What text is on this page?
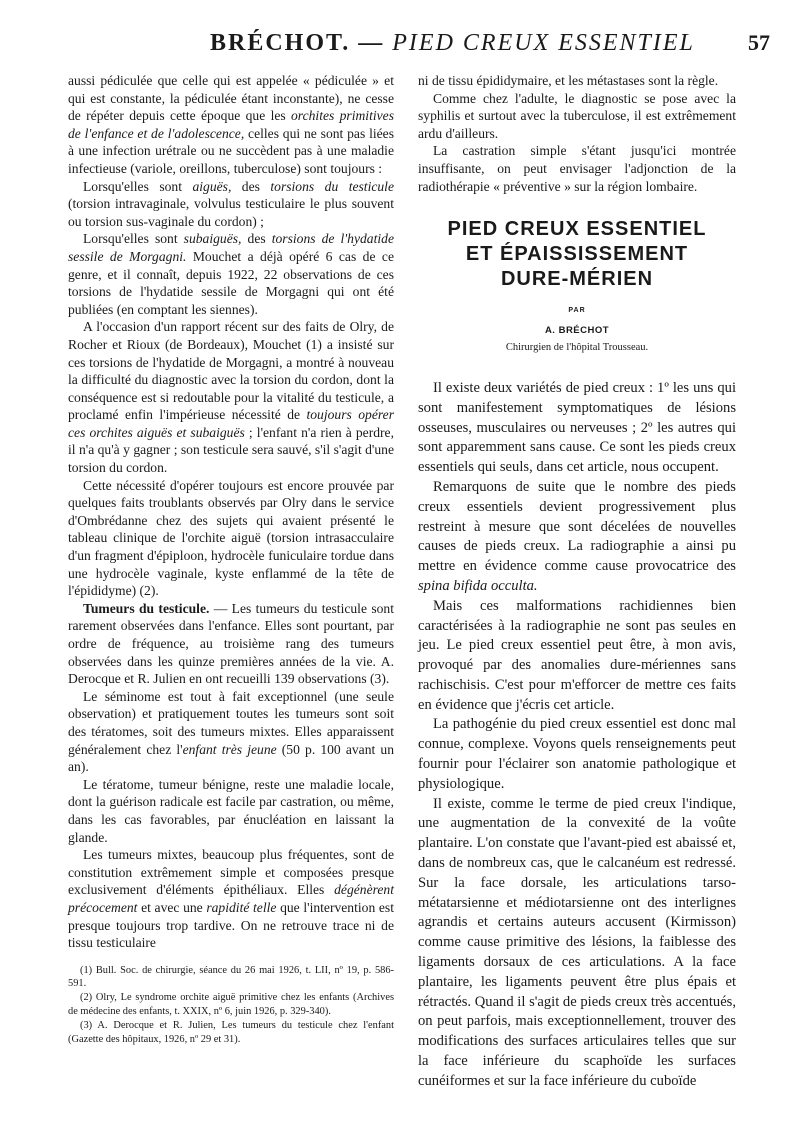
BRÉCHOT. — PIED CREUX ESSENTIEL 57

aussi pédiculée que celle qui est appelée « pédiculée » et qui est constante, la pédiculée étant inconstante), ne cesse de répéter depuis cette époque que les orchites primitives de l'enfance et de l'adolescence, celles qui ne sont pas liées à une infection urétrale ou ne succèdent pas à une maladie infectieuse (variole, oreillons, tuberculose) sont toujours :

Lorsqu'elles sont aiguës, des torsions du testicule (torsion intravaginale, volvulus testiculaire le plus souvent ou torsion sus-vaginale du cordon) ;

Lorsqu'elles sont subaiguës, des torsions de l'hydatide sessile de Morgagni. Mouchet a déjà opéré 6 cas de ce genre, et il connaît, depuis 1922, 22 observations de ces torsions de l'hydatide sessile de Morgagni qui ont été publiées (en comptant les siennes).

A l'occasion d'un rapport récent sur des faits de Olry, de Rocher et Rioux (de Bordeaux), Mouchet (1) a insisté sur ces torsions de l'hydatide de Morgagni, a montré à nouveau la difficulté du diagnostic avec la torsion du cordon, dont la conséquence est si redoutable pour la vitalité du testicule, a proclamé enfin l'impérieuse nécessité de toujours opérer ces orchites aiguës et subaiguës ; l'enfant n'a rien à perdre, il n'a qu'à y gagner ; son testicule sera sauvé, s'il s'agit d'une torsion du cordon.

Cette nécessité d'opérer toujours est encore prouvée par quelques faits troublants observés par Olry dans le service d'Ombrédanne chez des sujets qui avaient présenté le tableau clinique de l'orchite aiguë (torsion intrasacculaire d'un fragment d'épiploon, hydrocèle funiculaire tordue dans une hydrocèle vaginale, kyste enflammé de la tête de l'épididyme) (2).

Tumeurs du testicule. — Les tumeurs du testicule sont rarement observées dans l'enfance. Elles sont pourtant, par ordre de fréquence, au troisième rang des tumeurs observées dans les quinze premières années de la vie. A. Derocque et R. Julien en ont recueilli 139 observations (3).

Le séminome est tout à fait exceptionnel (une seule observation) et pratiquement toutes les tumeurs sont soit des tératomes, soit des tumeurs mixtes. Elles apparaissent généralement chez l'enfant très jeune (50 p. 100 avant un an).

Le tératome, tumeur bénigne, reste une maladie locale, dont la guérison radicale est facile par castration, ou même, dans les cas favorables, par énucléation en laissant la glande.

Les tumeurs mixtes, beaucoup plus fréquentes, sont de constitution extrêmement simple et composées presque exclusivement d'éléments épithéliaux. Elles dégénèrent précocement et avec une rapidité telle que l'intervention est presque toujours trop tardive. On ne retrouve trace ni de tissu testiculaire

(1) Bull. Soc. de chirurgie, séance du 26 mai 1926, t. LII, nº 19, p. 586-591.

(2) Olry, Le syndrome orchite aiguë primitive chez les enfants (Archives de médecine des enfants, t. XXIX, nº 6, juin 1926, p. 329-340).

(3) A. Derocque et R. Julien, Les tumeurs du testicule chez l'enfant (Gazette des hôpitaux, 1926, nº 29 et 31).

ni de tissu épididymaire, et les métastases sont la règle.

Comme chez l'adulte, le diagnostic se pose avec la syphilis et surtout avec la tuberculose, il est extrêmement ardu d'ailleurs.

La castration simple s'étant jusqu'ici montrée insuffisante, on peut envisager l'adjonction de la radiothérapie « préventive » sur la région lombaire.

PIED CREUX ESSENTIEL
ET ÉPAISSISSEMENT
DURE-MÉRIEN
PAR
A. BRÉCHOT
Chirurgien de l'hôpital Trousseau.

Il existe deux variétés de pied creux : 1º les uns qui sont manifestement symptomatiques de lésions osseuses, musculaires ou nerveuses ; 2º les autres qui sont apparemment sans cause. Ce sont les pieds creux essentiels qui seuls, dans cet article, nous occupent.

Remarquons de suite que le nombre des pieds creux essentiels devient progressivement plus restreint à mesure que sont décelées de nouvelles causes de pieds creux. La radiographie a ainsi pu mettre en évidence comme cause provocatrice des spina bifida occulta.

Mais ces malformations rachidiennes bien caractérisées à la radiographie ne sont pas seules en jeu. Le pied creux essentiel peut être, à mon avis, provoqué par des anomalies dure-mériennes sans rachischisis. C'est pour m'efforcer de mettre ces faits en évidence que j'écris cet article.

La pathogénie du pied creux essentiel est donc mal connue, complexe. Voyons quels renseignements peut fournir pour l'éclairer son anatomie pathologique et physiologique.

Il existe, comme le terme de pied creux l'indique, une augmentation de la convexité de la voûte plantaire. L'on constate que l'avant-pied est abaissé et, dans de nombreux cas, que le calcanéum est redressé. Sur la face dorsale, les articulations tarso-métatarsienne et médiotarsienne ont des interlignes agrandis et certains auteurs accusent (Kirmisson) comme cause primitive des lésions, la faiblesse des ligaments dorsaux de ces articulations. A la face plantaire, les ligaments peuvent être plus épais et rétractés. Quand il s'agit de pieds creux très accentués, on peut parfois, mais exceptionnellement, trouver des modifications des surfaces articulaires telles que sur la face inférieure du scaphoïde les surfaces cunéiformes et sur la face inférieure du cuboïde
